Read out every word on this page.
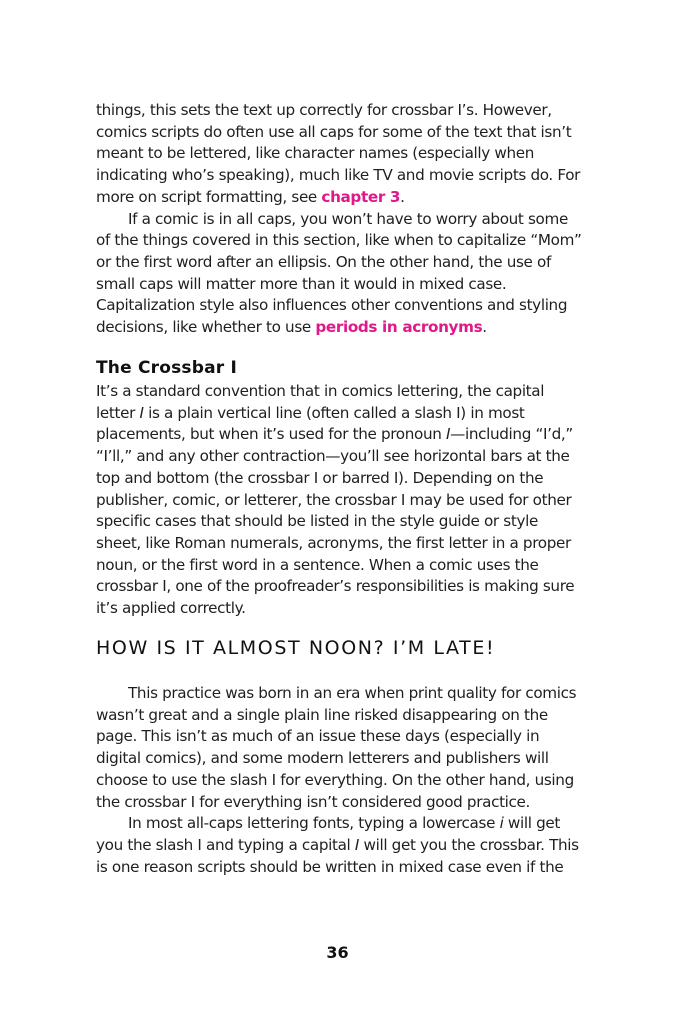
things, this sets the text up correctly for crossbar I’s. However, comics scripts do often use all caps for some of the text that isn’t meant to be lettered, like character names (especially when indicating who’s speaking), much like TV and movie scripts do. For more on script formatting, see chapter 3.

If a comic is in all caps, you won’t have to worry about some of the things covered in this section, like when to capitalize “Mom” or the first word after an ellipsis. On the other hand, the use of small caps will matter more than it would in mixed case. Capitalization style also influences other conventions and styling decisions, like whether to use periods in acronyms.

The Crossbar I

It’s a standard convention that in comics lettering, the capital letter I is a plain vertical line (often called a slash I) in most placements, but when it’s used for the pronoun I—including “I’d,” “I’ll,” and any other contraction—you’ll see horizontal bars at the top and bottom (the crossbar I or barred I). Depending on the publisher, comic, or letterer, the crossbar I may be used for other specific cases that should be listed in the style guide or style sheet, like Roman numerals, acronyms, the first letter in a proper noun, or the first word in a sentence. When a comic uses the crossbar I, one of the proofreader’s responsibilities is making sure it’s applied correctly.

HOW IS IT ALMOST NOON? I’M LATE!

This practice was born in an era when print quality for comics wasn’t great and a single plain line risked disappearing on the page. This isn’t as much of an issue these days (especially in digital comics), and some modern letterers and publishers will choose to use the slash I for everything. On the other hand, using the crossbar I for everything isn’t considered good practice.

In most all-caps lettering fonts, typing a lowercase i will get you the slash I and typing a capital I will get you the crossbar. This is one reason scripts should be written in mixed case even if the

36
